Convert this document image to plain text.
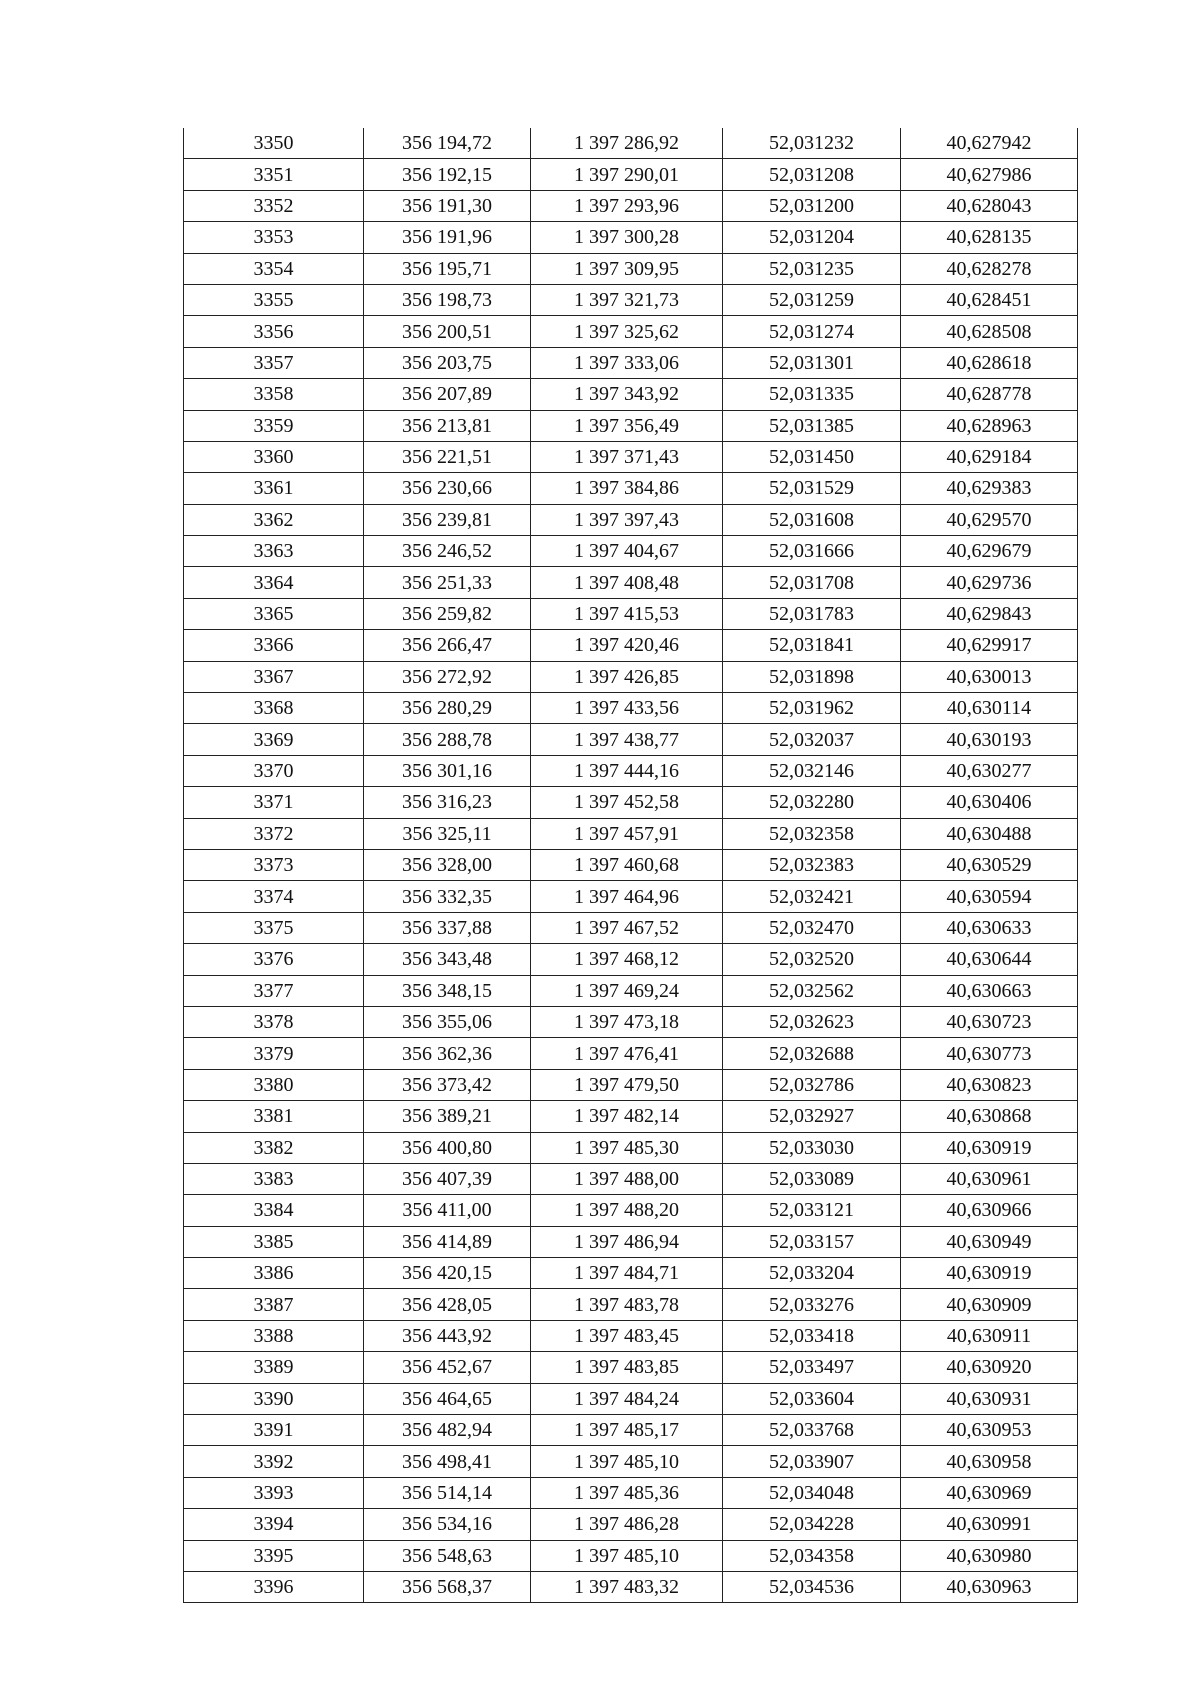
3350	356 194,72	1 397 286,92	52,031232	40,627942
3351	356 192,15	1 397 290,01	52,031208	40,627986
3352	356 191,30	1 397 293,96	52,031200	40,628043
3353	356 191,96	1 397 300,28	52,031204	40,628135
3354	356 195,71	1 397 309,95	52,031235	40,628278
3355	356 198,73	1 397 321,73	52,031259	40,628451
3356	356 200,51	1 397 325,62	52,031274	40,628508
3357	356 203,75	1 397 333,06	52,031301	40,628618
3358	356 207,89	1 397 343,92	52,031335	40,628778
3359	356 213,81	1 397 356,49	52,031385	40,628963
3360	356 221,51	1 397 371,43	52,031450	40,629184
3361	356 230,66	1 397 384,86	52,031529	40,629383
3362	356 239,81	1 397 397,43	52,031608	40,629570
3363	356 246,52	1 397 404,67	52,031666	40,629679
3364	356 251,33	1 397 408,48	52,031708	40,629736
3365	356 259,82	1 397 415,53	52,031783	40,629843
3366	356 266,47	1 397 420,46	52,031841	40,629917
3367	356 272,92	1 397 426,85	52,031898	40,630013
3368	356 280,29	1 397 433,56	52,031962	40,630114
3369	356 288,78	1 397 438,77	52,032037	40,630193
3370	356 301,16	1 397 444,16	52,032146	40,630277
3371	356 316,23	1 397 452,58	52,032280	40,630406
3372	356 325,11	1 397 457,91	52,032358	40,630488
3373	356 328,00	1 397 460,68	52,032383	40,630529
3374	356 332,35	1 397 464,96	52,032421	40,630594
3375	356 337,88	1 397 467,52	52,032470	40,630633
3376	356 343,48	1 397 468,12	52,032520	40,630644
3377	356 348,15	1 397 469,24	52,032562	40,630663
3378	356 355,06	1 397 473,18	52,032623	40,630723
3379	356 362,36	1 397 476,41	52,032688	40,630773
3380	356 373,42	1 397 479,50	52,032786	40,630823
3381	356 389,21	1 397 482,14	52,032927	40,630868
3382	356 400,80	1 397 485,30	52,033030	40,630919
3383	356 407,39	1 397 488,00	52,033089	40,630961
3384	356 411,00	1 397 488,20	52,033121	40,630966
3385	356 414,89	1 397 486,94	52,033157	40,630949
3386	356 420,15	1 397 484,71	52,033204	40,630919
3387	356 428,05	1 397 483,78	52,033276	40,630909
3388	356 443,92	1 397 483,45	52,033418	40,630911
3389	356 452,67	1 397 483,85	52,033497	40,630920
3390	356 464,65	1 397 484,24	52,033604	40,630931
3391	356 482,94	1 397 485,17	52,033768	40,630953
3392	356 498,41	1 397 485,10	52,033907	40,630958
3393	356 514,14	1 397 485,36	52,034048	40,630969
3394	356 534,16	1 397 486,28	52,034228	40,630991
3395	356 548,63	1 397 485,10	52,034358	40,630980
3396	356 568,37	1 397 483,32	52,034536	40,630963
